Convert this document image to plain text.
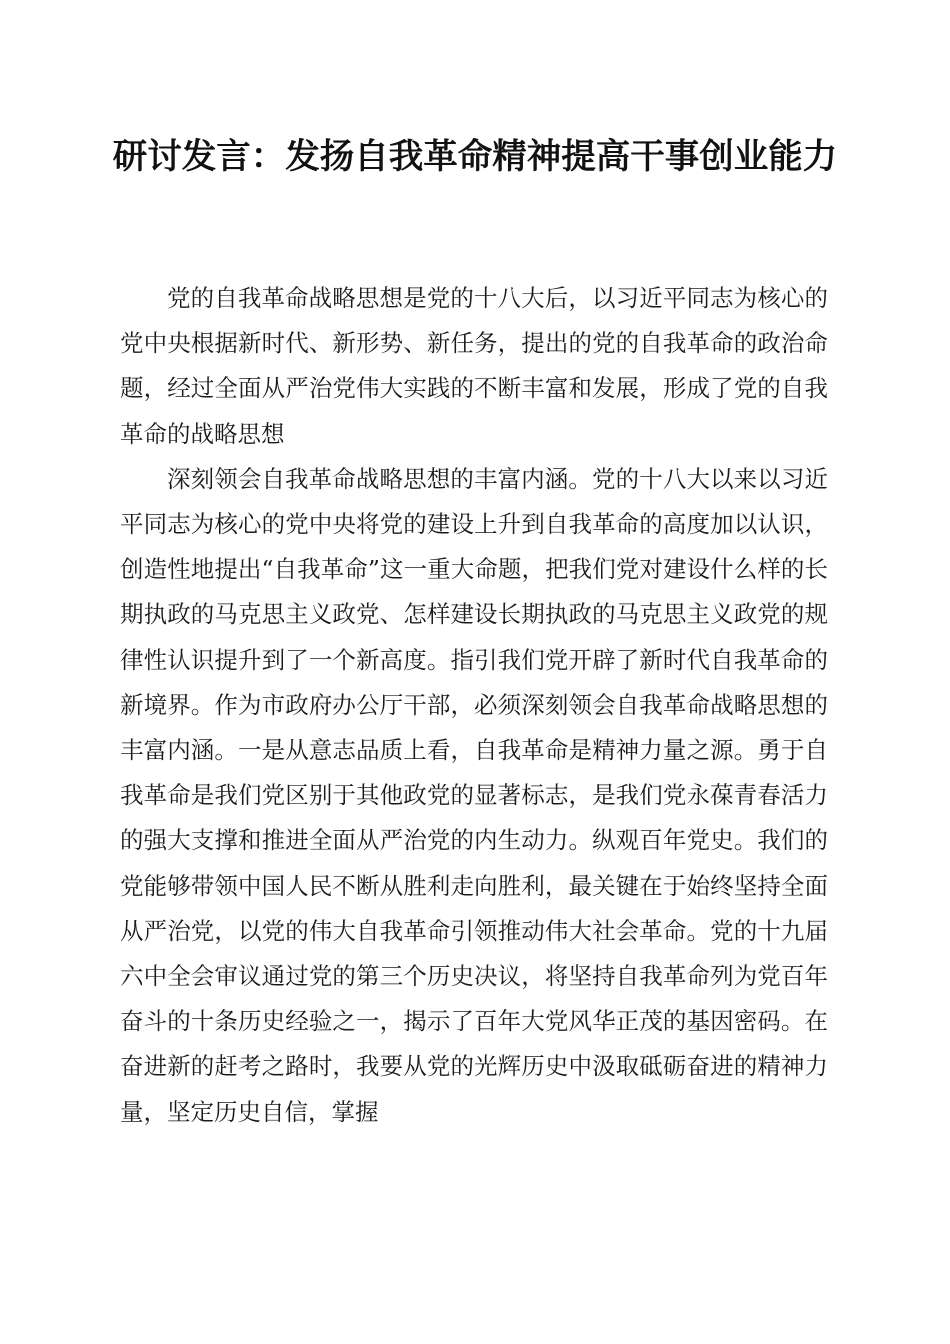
研讨发言：发扬自我革命精神提高干事创业能力

党的自我革命战略思想是党的十八大后，以习近平同志为核心的党中央根据新时代、新形势、新任务，提出的党的自我革命的政治命题，经过全面从严治党伟大实践的不断丰富和发展，形成了党的自我革命的战略思想

深刻领会自我革命战略思想的丰富内涵。党的十八大以来以习近平同志为核心的党中央将党的建设上升到自我革命的高度加以认识，创造性地提出“自我革命”这一重大命题，把我们党对建设什么样的长期执政的马克思主义政党、怎样建设长期执政的马克思主义政党的规律性认识提升到了一个新高度。指引我们党开辟了新时代自我革命的新境界。作为市政府办公厅干部，必须深刻领会自我革命战略思想的丰富内涵。一是从意志品质上看，自我革命是精神力量之源。勇于自我革命是我们党区别于其他政党的显著标志，是我们党永葆青春活力的强大支撑和推进全面从严治党的内生动力。纵观百年党史。我们的党能够带领中国人民不断从胜利走向胜利，最关键在于始终坚持全面从严治党，以党的伟大自我革命引领推动伟大社会革命。党的十九届六中全会审议通过党的第三个历史决议，将坚持自我革命列为党百年奋斗的十条历史经验之一，揭示了百年大党风华正茂的基因密码。在奋进新的赶考之路时，我要从党的光辉历史中汲取砥砺奋进的精神力量，坚定历史自信，掌握
